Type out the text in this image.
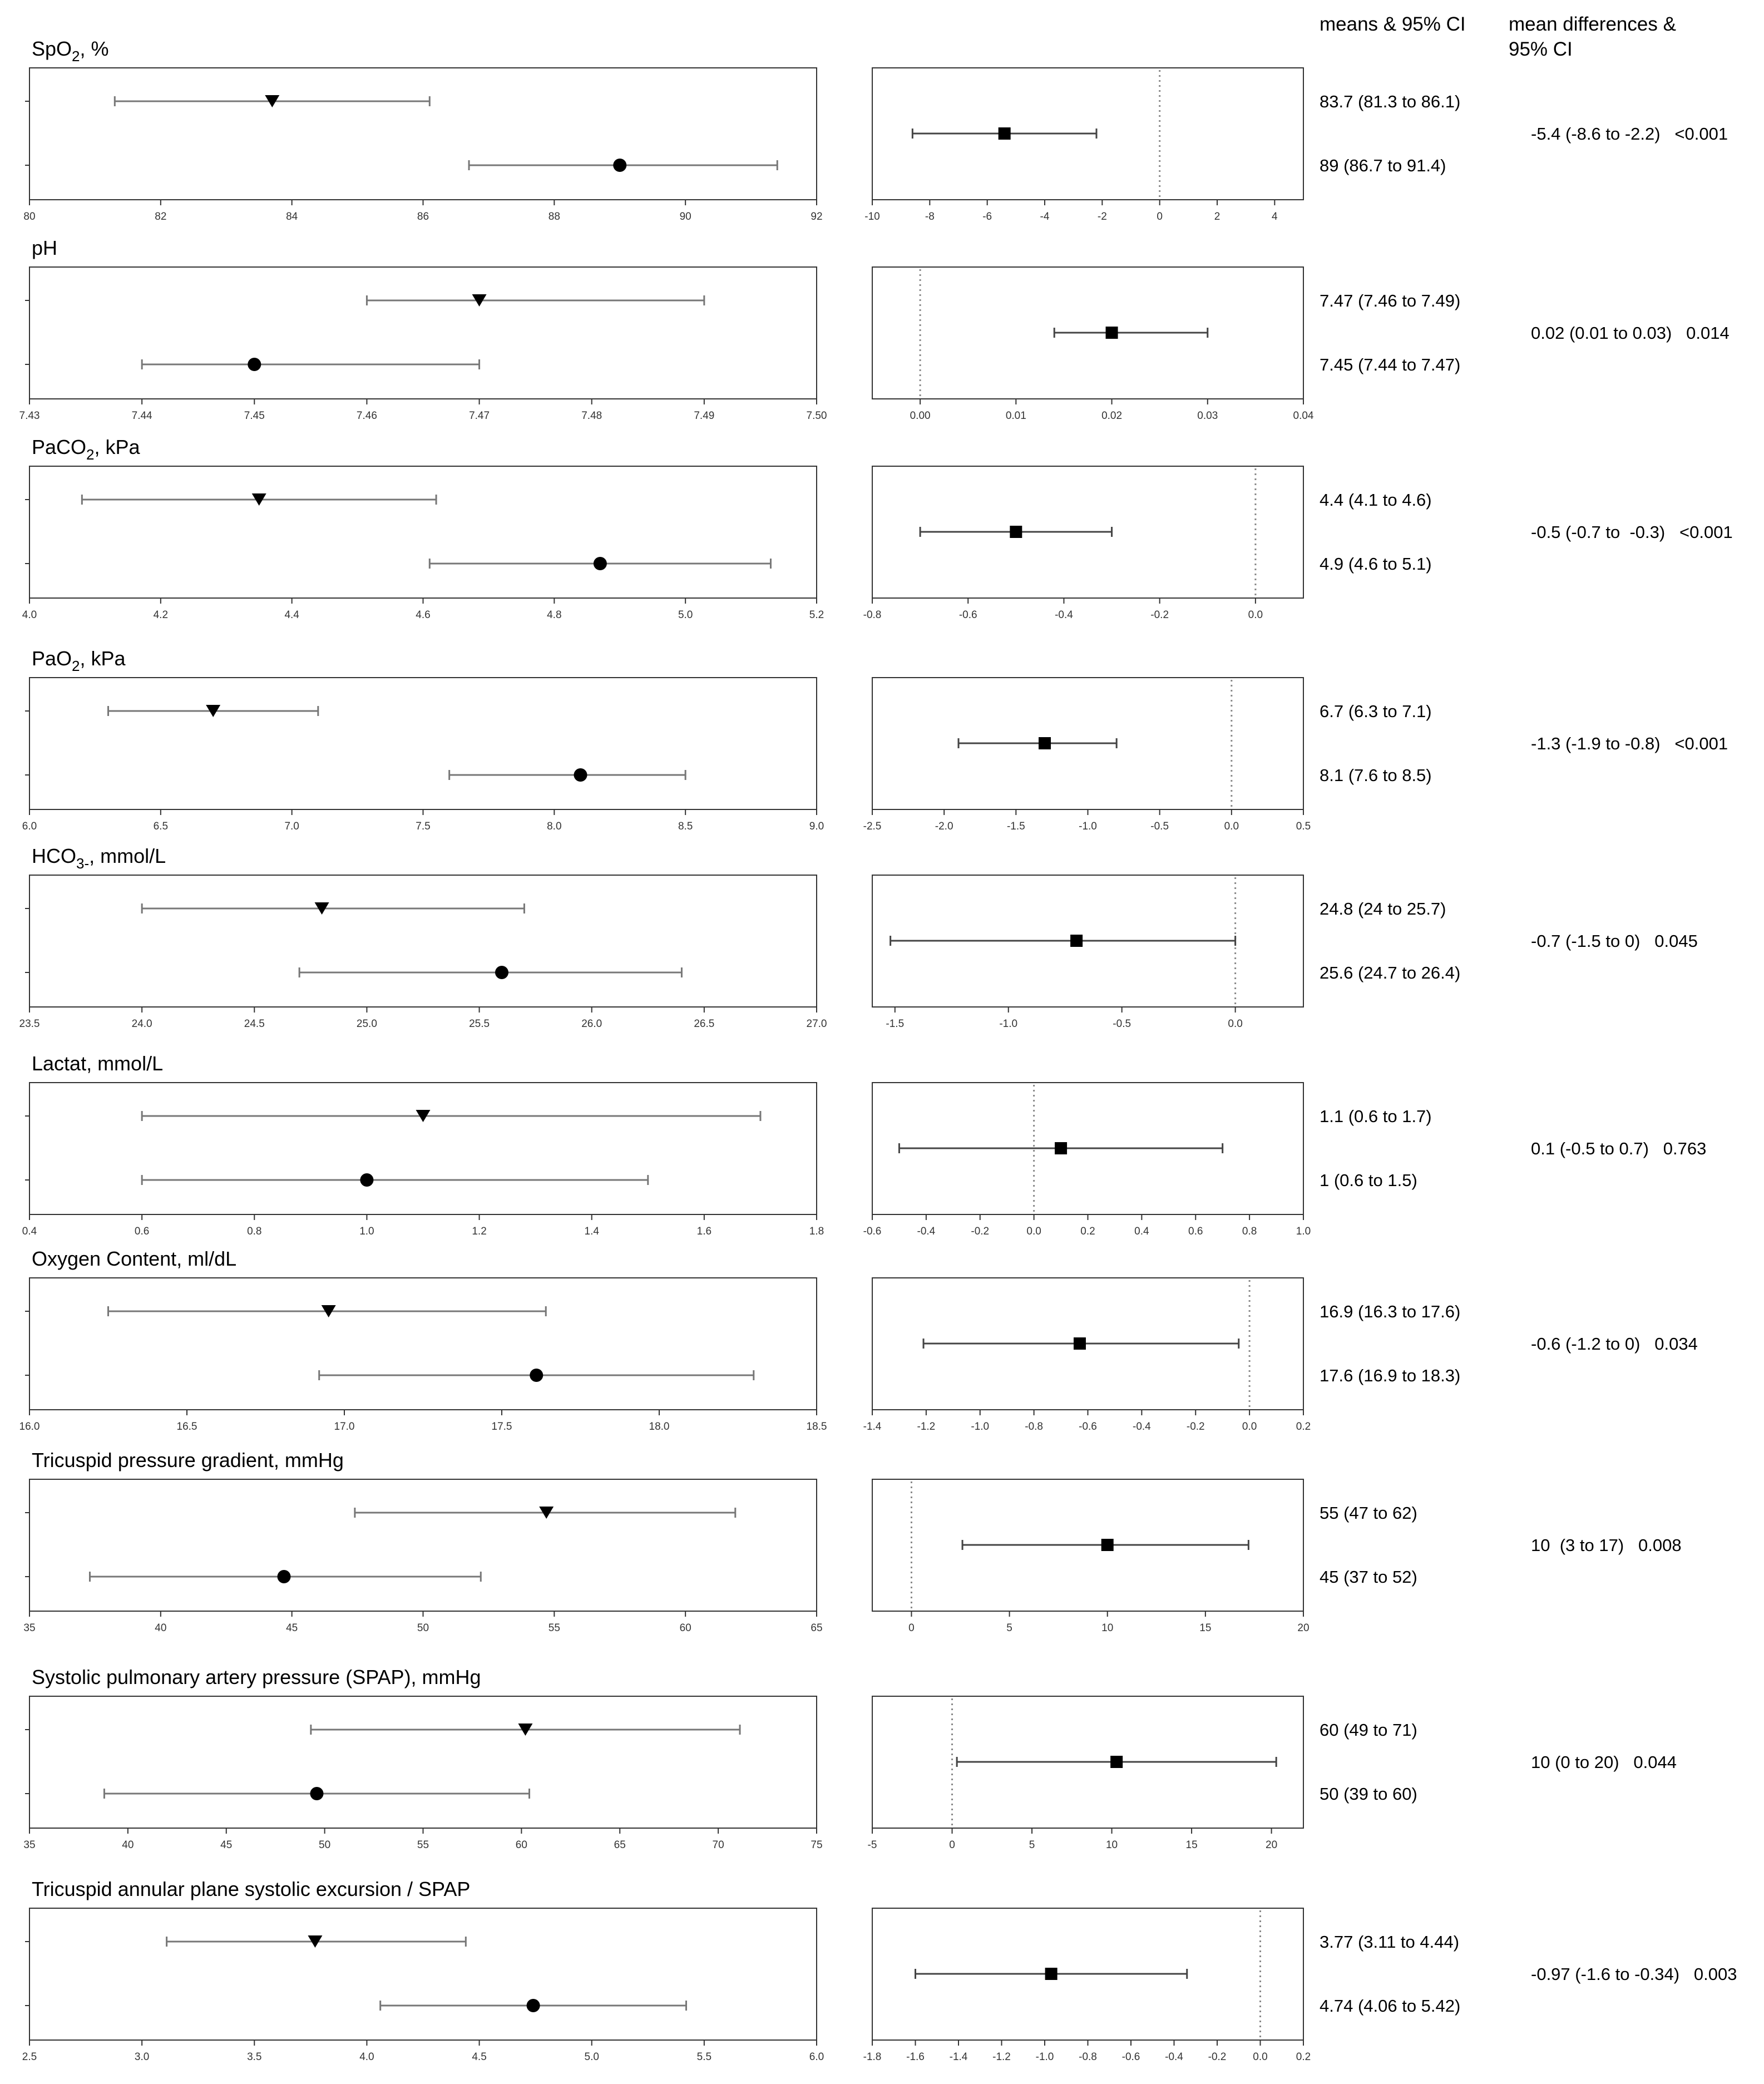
means & 95% CI mean differences &
95% CI
SpO$_2$, %
80	82	84	86	88	90	92	-10	-8	-6	-4	-2	0	2	4
83.7 (81.3 to 86.1)
89 (86.7 to 91.4)
-5.4 (-8.6 to -2.2)   <0.001
pH
7.43	7.44	7.45	7.46	7.47	7.48	7.49	7.50	0.00	0.01	0.02	0.03	0.04
7.47 (7.46 to 7.49)
7.45 (7.44 to 7.47)
0.02 (0.01 to 0.03)   0.014
PaCO$_2$, kPa
4.0	4.2	4.4	4.6	4.8	5.0	5.2	-0.8	-0.6	-0.4	-0.2	0.0
4.4 (4.1 to 4.6)
4.9 (4.6 to 5.1)
-0.5 (-0.7 to  -0.3)   <0.001
PaO$_2$, kPa
6.0	6.5	7.0	7.5	8.0	8.5	9.0	-2.5	-2.0	-1.5	-1.0	-0.5	0.0	0.5
6.7 (6.3 to 7.1)
8.1 (7.6 to 8.5)
-1.3 (-1.9 to -0.8)   <0.001
$HCO_{3-}$, mmol/L
23.5	24.0	24.5	25.0	25.5	26.0	26.5	27.0	-1.5	-1.0	-0.5	0.0
24.8 (24 to 25.7)
25.6 (24.7 to 26.4)
-0.7 (-1.5 to 0)   0.045
Lactat, mmol/L
0.4	0.6	0.8	1.0	1.2	1.4	1.6	1.8	-0.6	-0.4	-0.2	0.0	0.2	0.4	0.6	0.8	1.0
1.1 (0.6 to 1.7)
1 (0.6 to 1.5)
0.1 (-0.5 to 0.7)   0.763
Oxygen Content, ml/dL
16.0	16.5	17.0	17.5	18.0	18.5	-1.4	-1.2	-1.0	-0.8	-0.6	-0.4	-0.2	0.0	0.2
16.9 (16.3 to 17.6)
17.6 (16.9 to 18.3)
-0.6 (-1.2 to 0)   0.034
Tricuspid pressure gradient, mmHg
35	40	45	50	55	60	65	0	5	10	15	20
55 (47 to 62)
45 (37 to 52)
10  (3 to 17)   0.008
Systolic pulmonary artery pressure (SPAP), mmHg
35	40	45	50	55	60	65	70	75	-5	0	5	10	15	20
60 (49 to 71)
50 (39 to 60)
10 (0 to 20)   0.044
Tricuspid annular plane systolic excursion / SPAP
2.5	3.0	3.5	4.0	4.5	5.0	5.5	6.0	-1.8 -1.6 -1.4 -1.2 -1.0 -0.8 -0.6 -0.4 -0.2	0.0	0.2
3.77 (3.11 to 4.44)
4.74 (4.06 to 5.42)
-0.97 (-1.6 to -0.34)   0.003
